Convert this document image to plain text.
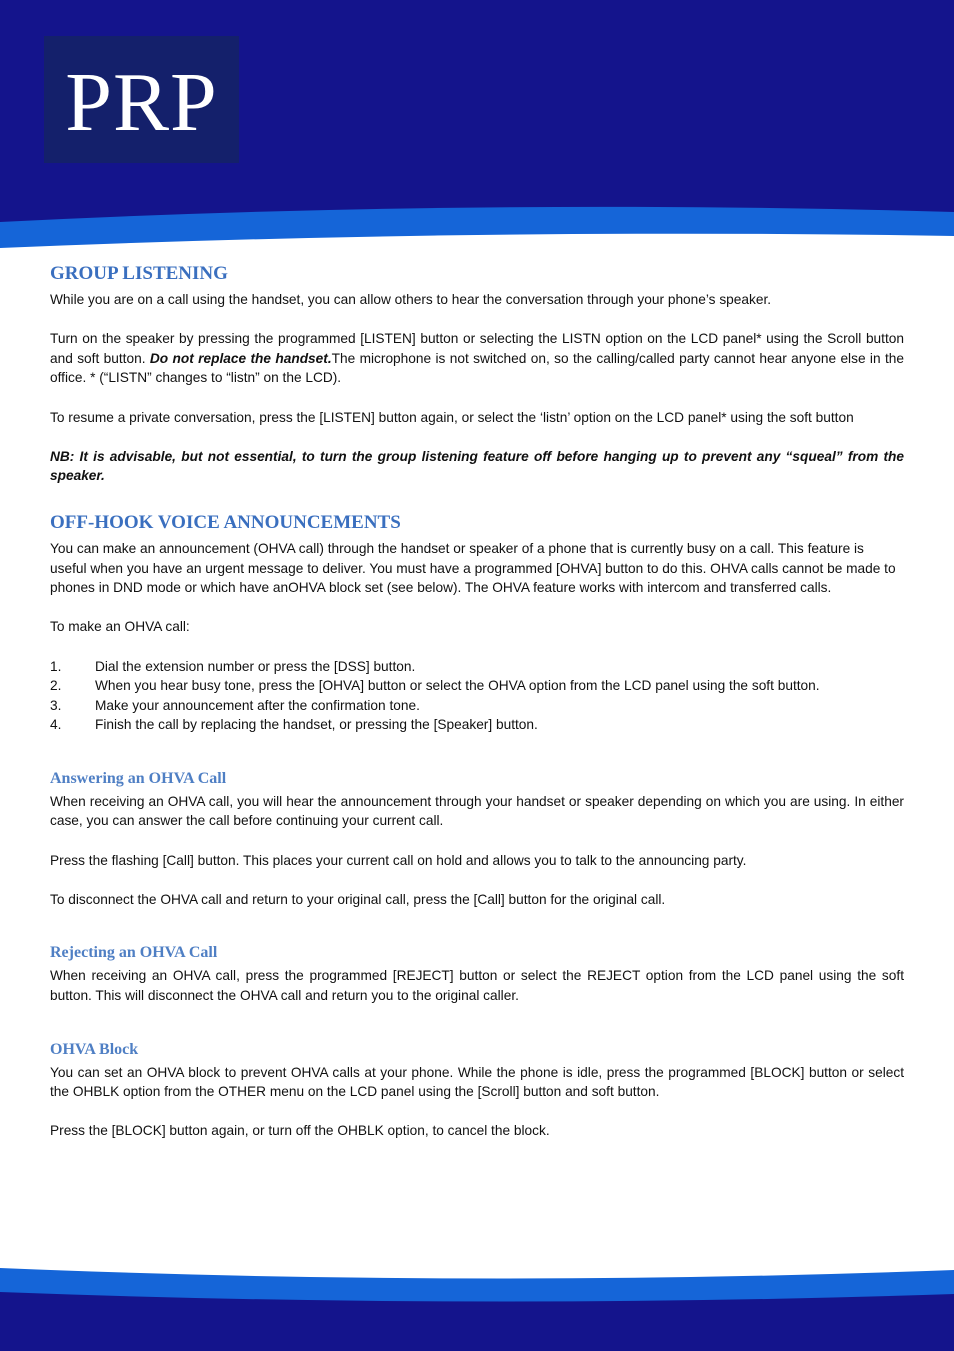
PRP
GROUP LISTENING

While you are on a call using the handset, you can allow others to hear the conversation through your phone’s speaker.

Turn on the speaker by pressing the programmed [LISTEN] button or selecting the LISTN option on the LCD panel* using the Scroll button and soft button. Do not replace the handset.The microphone is not switched on, so the calling/called party cannot hear anyone else in the office. * (“LISTN” changes to “listn” on the LCD).

To resume a private conversation, press the [LISTEN] button again, or select the ‘listn’ option on the LCD panel* using the soft button

NB: It is advisable, but not essential, to turn the group listening feature off before hanging up to prevent any “squeal” from the speaker.

OFF-HOOK VOICE ANNOUNCEMENTS

You can make an announcement (OHVA call) through the handset or speaker of a phone that is currently busy on a call. This feature is useful when you have an urgent message to deliver. You must have a programmed [OHVA] button to do this. OHVA calls cannot be made to phones in DND mode or which have anOHVA block set (see below). The OHVA feature works with intercom and transferred calls.

To make an OHVA call:

1.	Dial the extension number or press the [DSS] button.
2.	When you hear busy tone, press the [OHVA] button or select the OHVA option from the LCD panel using the soft button.
3.	Make your announcement after the confirmation tone.
4.	Finish the call by replacing the handset, or pressing the [Speaker] button.
Answering an OHVA Call

When receiving an OHVA call, you will hear the announcement through your handset or speaker depending on which you are using. In either case, you can answer the call before continuing your current call.

Press the flashing [Call] button. This places your current call on hold and allows you to talk to the announcing party.

To disconnect the OHVA call and return to your original call, press the [Call] button for the original call.

Rejecting an OHVA Call

When receiving an OHVA call, press the programmed [REJECT] button or select the REJECT option from the LCD panel using the soft button. This will disconnect the OHVA call and return you to the original caller.

OHVA Block

You can set an OHVA block to prevent OHVA calls at your phone. While the phone is idle, press the programmed [BLOCK] button or select the OHBLK option from the OTHER menu on the LCD panel using the [Scroll] button and soft button.

Press the [BLOCK] button again, or turn off the OHBLK option, to cancel the block.
